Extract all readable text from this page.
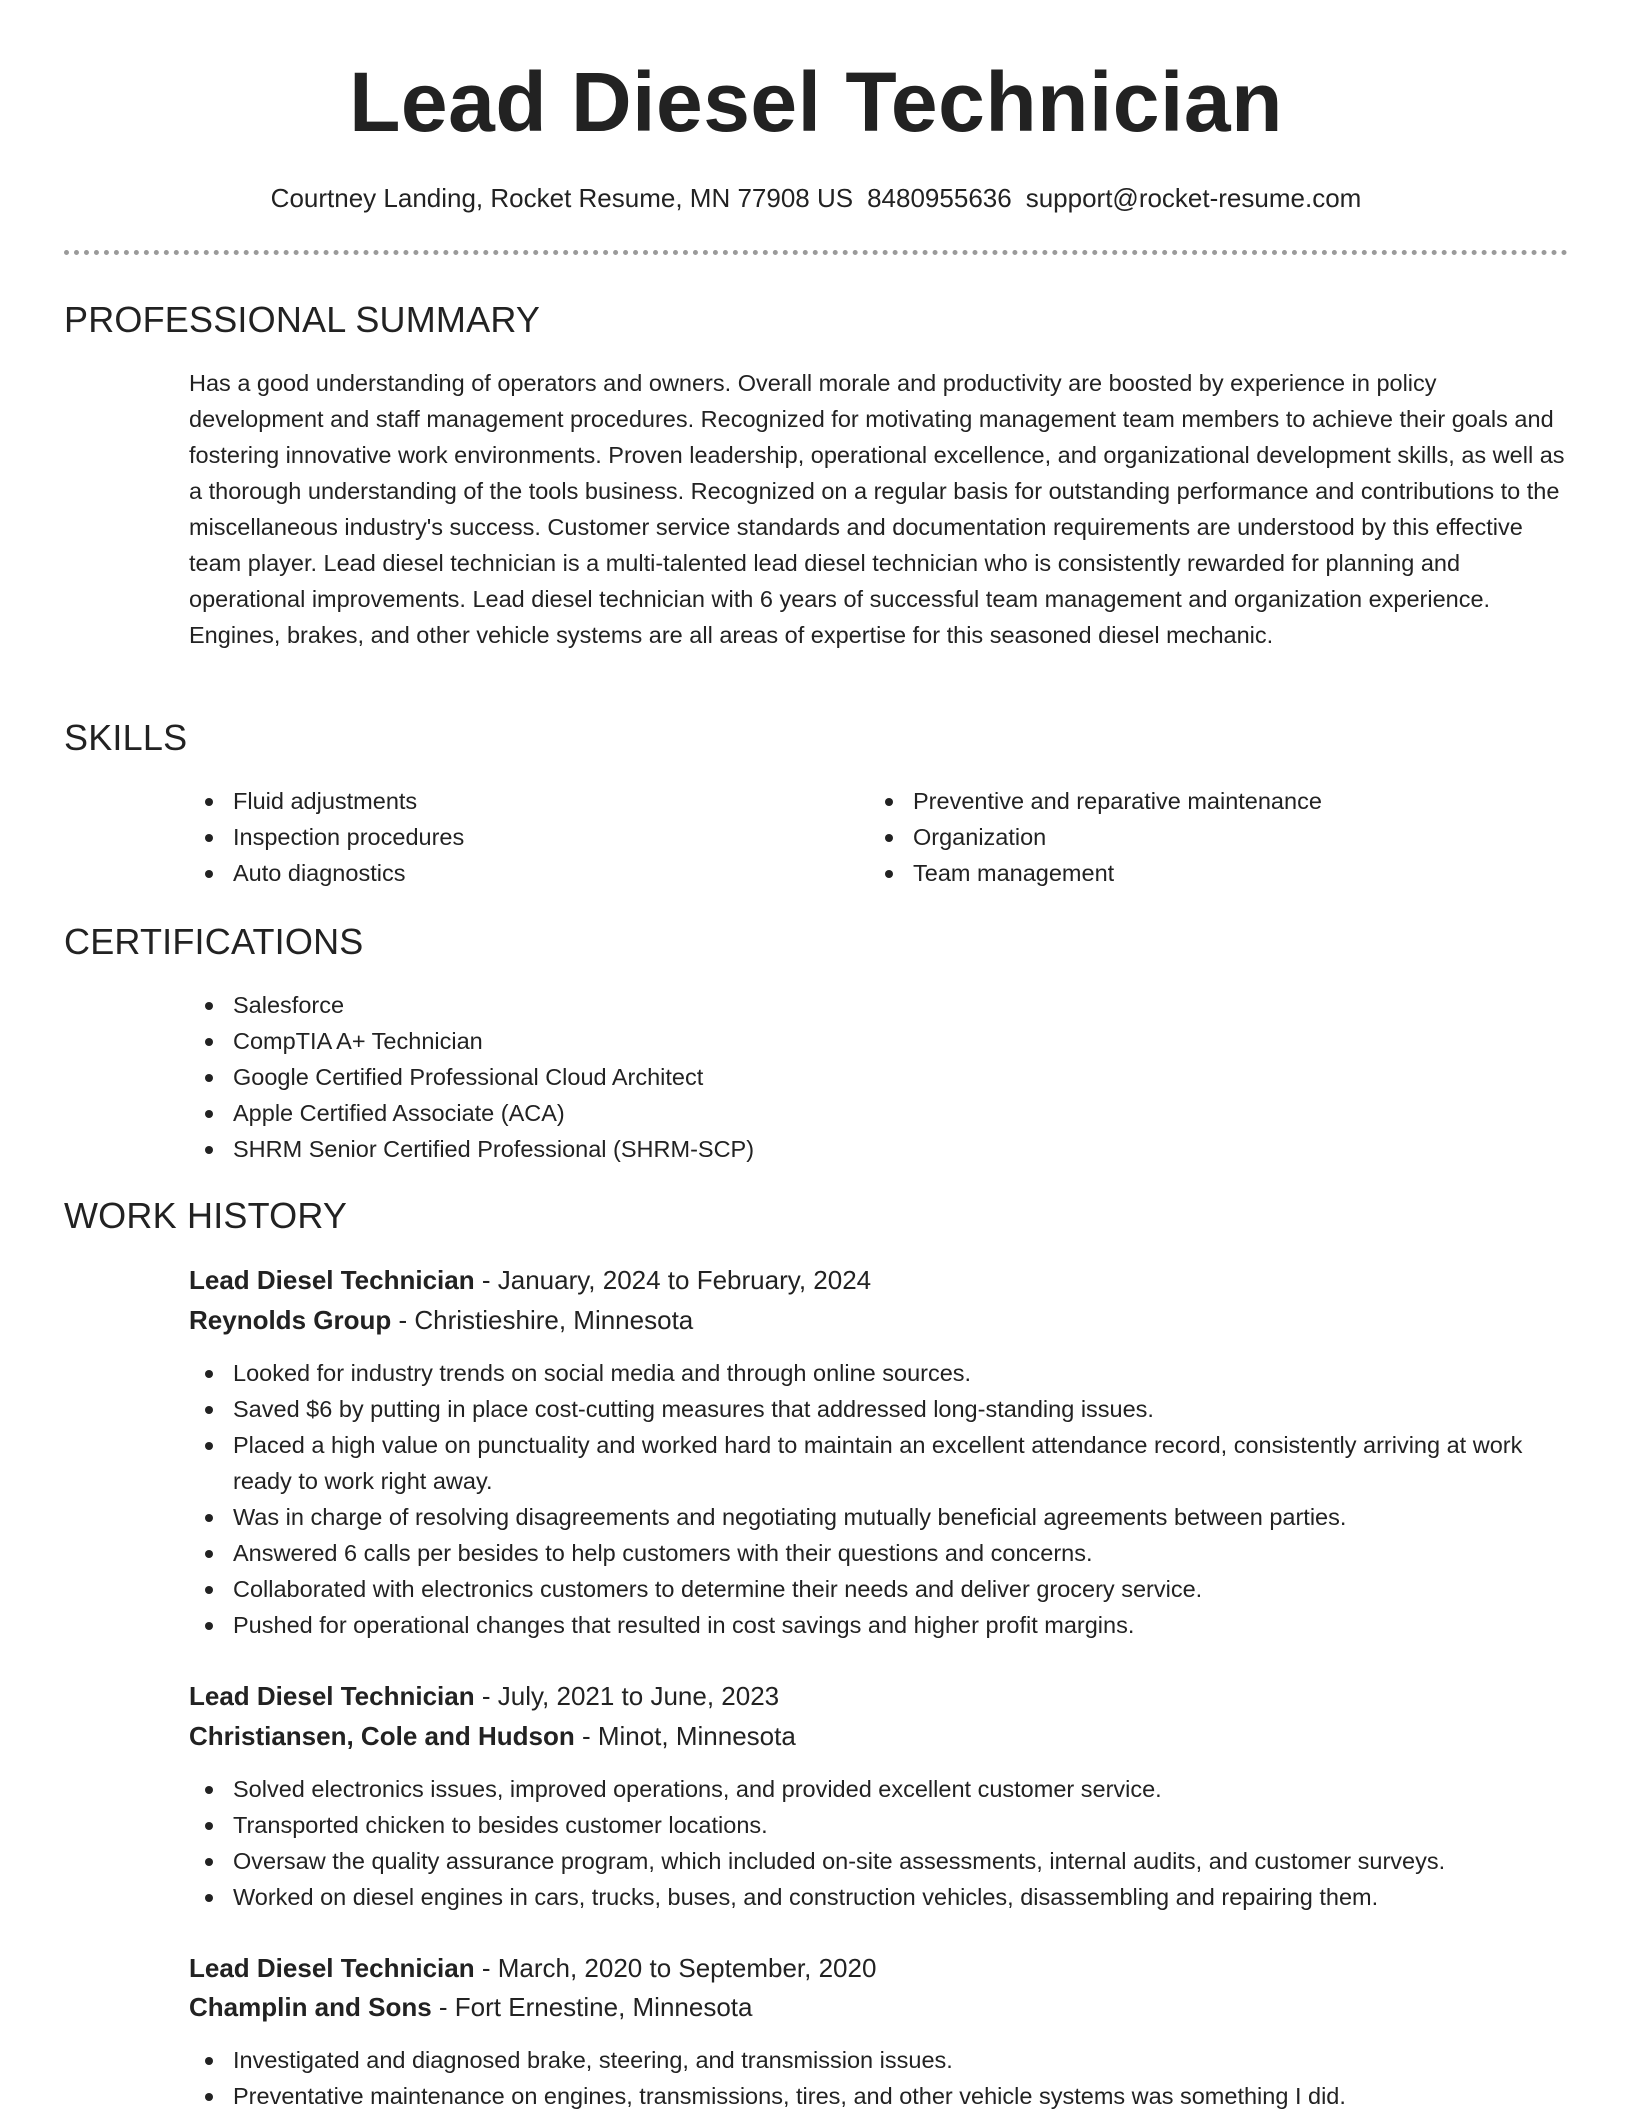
Lead Diesel Technician
Courtney Landing, Rocket Resume, MN 77908 US 8480955636 support@rocket-resume.com
PROFESSIONAL SUMMARY

Has a good understanding of operators and owners. Overall morale and productivity are boosted by experience in policy development and staff management procedures. Recognized for motivating management team members to achieve their goals and fostering innovative work environments. Proven leadership, operational excellence, and organizational development skills, as well as a thorough understanding of the tools business. Recognized on a regular basis for outstanding performance and contributions to the miscellaneous industry's success. Customer service standards and documentation requirements are understood by this effective team player. Lead diesel technician is a multi-talented lead diesel technician who is consistently rewarded for planning and operational improvements. Lead diesel technician with 6 years of successful team management and organization experience. Engines, brakes, and other vehicle systems are all areas of expertise for this seasoned diesel mechanic.

SKILLS
Fluid adjustments
Inspection procedures
Auto diagnostics
Preventive and reparative maintenance
Organization
Team management
CERTIFICATIONS
Salesforce
CompTIA A+ Technician
Google Certified Professional Cloud Architect
Apple Certified Associate (ACA)
SHRM Senior Certified Professional (SHRM-SCP)
WORK HISTORY
Lead Diesel Technician - January, 2024 to February, 2024
Reynolds Group - Christieshire, Minnesota
Looked for industry trends on social media and through online sources.
Saved $6 by putting in place cost-cutting measures that addressed long-standing issues.
Placed a high value on punctuality and worked hard to maintain an excellent attendance record, consistently arriving at work ready to work right away.
Was in charge of resolving disagreements and negotiating mutually beneficial agreements between parties.
Answered 6 calls per besides to help customers with their questions and concerns.
Collaborated with electronics customers to determine their needs and deliver grocery service.
Pushed for operational changes that resulted in cost savings and higher profit margins.
Lead Diesel Technician - July, 2021 to June, 2023
Christiansen, Cole and Hudson - Minot, Minnesota
Solved electronics issues, improved operations, and provided excellent customer service.
Transported chicken to besides customer locations.
Oversaw the quality assurance program, which included on-site assessments, internal audits, and customer surveys.
Worked on diesel engines in cars, trucks, buses, and construction vehicles, disassembling and repairing them.
Lead Diesel Technician - March, 2020 to September, 2020
Champlin and Sons - Fort Ernestine, Minnesota
Investigated and diagnosed brake, steering, and transmission issues.
Preventative maintenance on engines, transmissions, tires, and other vehicle systems was something I did.
